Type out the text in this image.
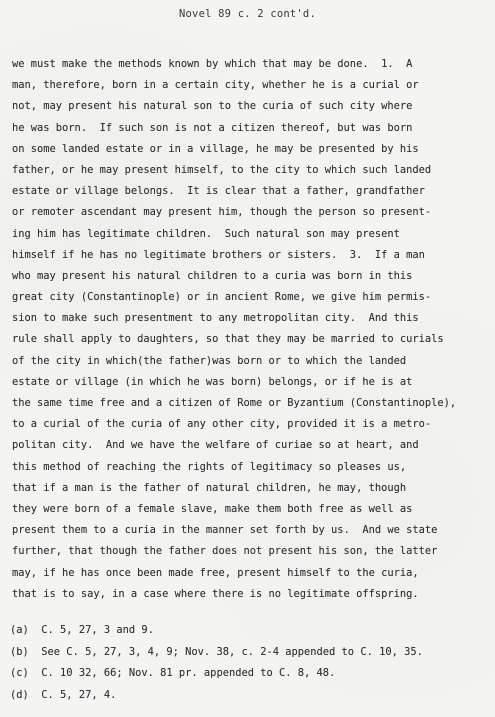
Novel 89 c. 2 cont'd.
we must make the methods known by which that may be done.  1.  A
man, therefore, born in a certain city, whether he is a curial or
not, may present his natural son to the curia of such city where
he was born.  If such son is not a citizen thereof, but was born
on some landed estate or in a village, he may be presented by his
father, or he may present himself, to the city to which such landed
estate or village belongs.  It is clear that a father, grandfather
or remoter ascendant may present him, though the person so present-
ing him has legitimate children.  Such natural son may present
himself if he has no legitimate brothers or sisters.  3.  If a man
who may present his natural children to a curia was born in this
great city (Constantinople) or in ancient Rome, we give him permis-
sion to make such presentment to any metropolitan city.  And this
rule shall apply to daughters, so that they may be married to curials
of the city in which(the father)was born or to which the landed
estate or village (in which he was born) belongs, or if he is at
the same time free and a citizen of Rome or Byzantium (Constantinople),
to a curial of the curia of any other city, provided it is a metro-
politan city.  And we have the welfare of curiae so at heart, and
this method of reaching the rights of legitimacy so pleases us,
that if a man is the father of natural children, he may, though
they were born of a female slave, make them both free as well as
present them to a curia in the manner set forth by us.  And we state
further, that though the father does not present his son, the latter
may, if he has once been made free, present himself to the curia,
that is to say, in a case where there is no legitimate offspring.
(a)  C. 5, 27, 3 and 9.
(b)  See C. 5, 27, 3, 4, 9; Nov. 38, c. 2-4 appended to C. 10, 35.
(c)  C. 10 32, 66; Nov. 81 pr. appended to C. 8, 48.
(d)  C. 5, 27, 4.
